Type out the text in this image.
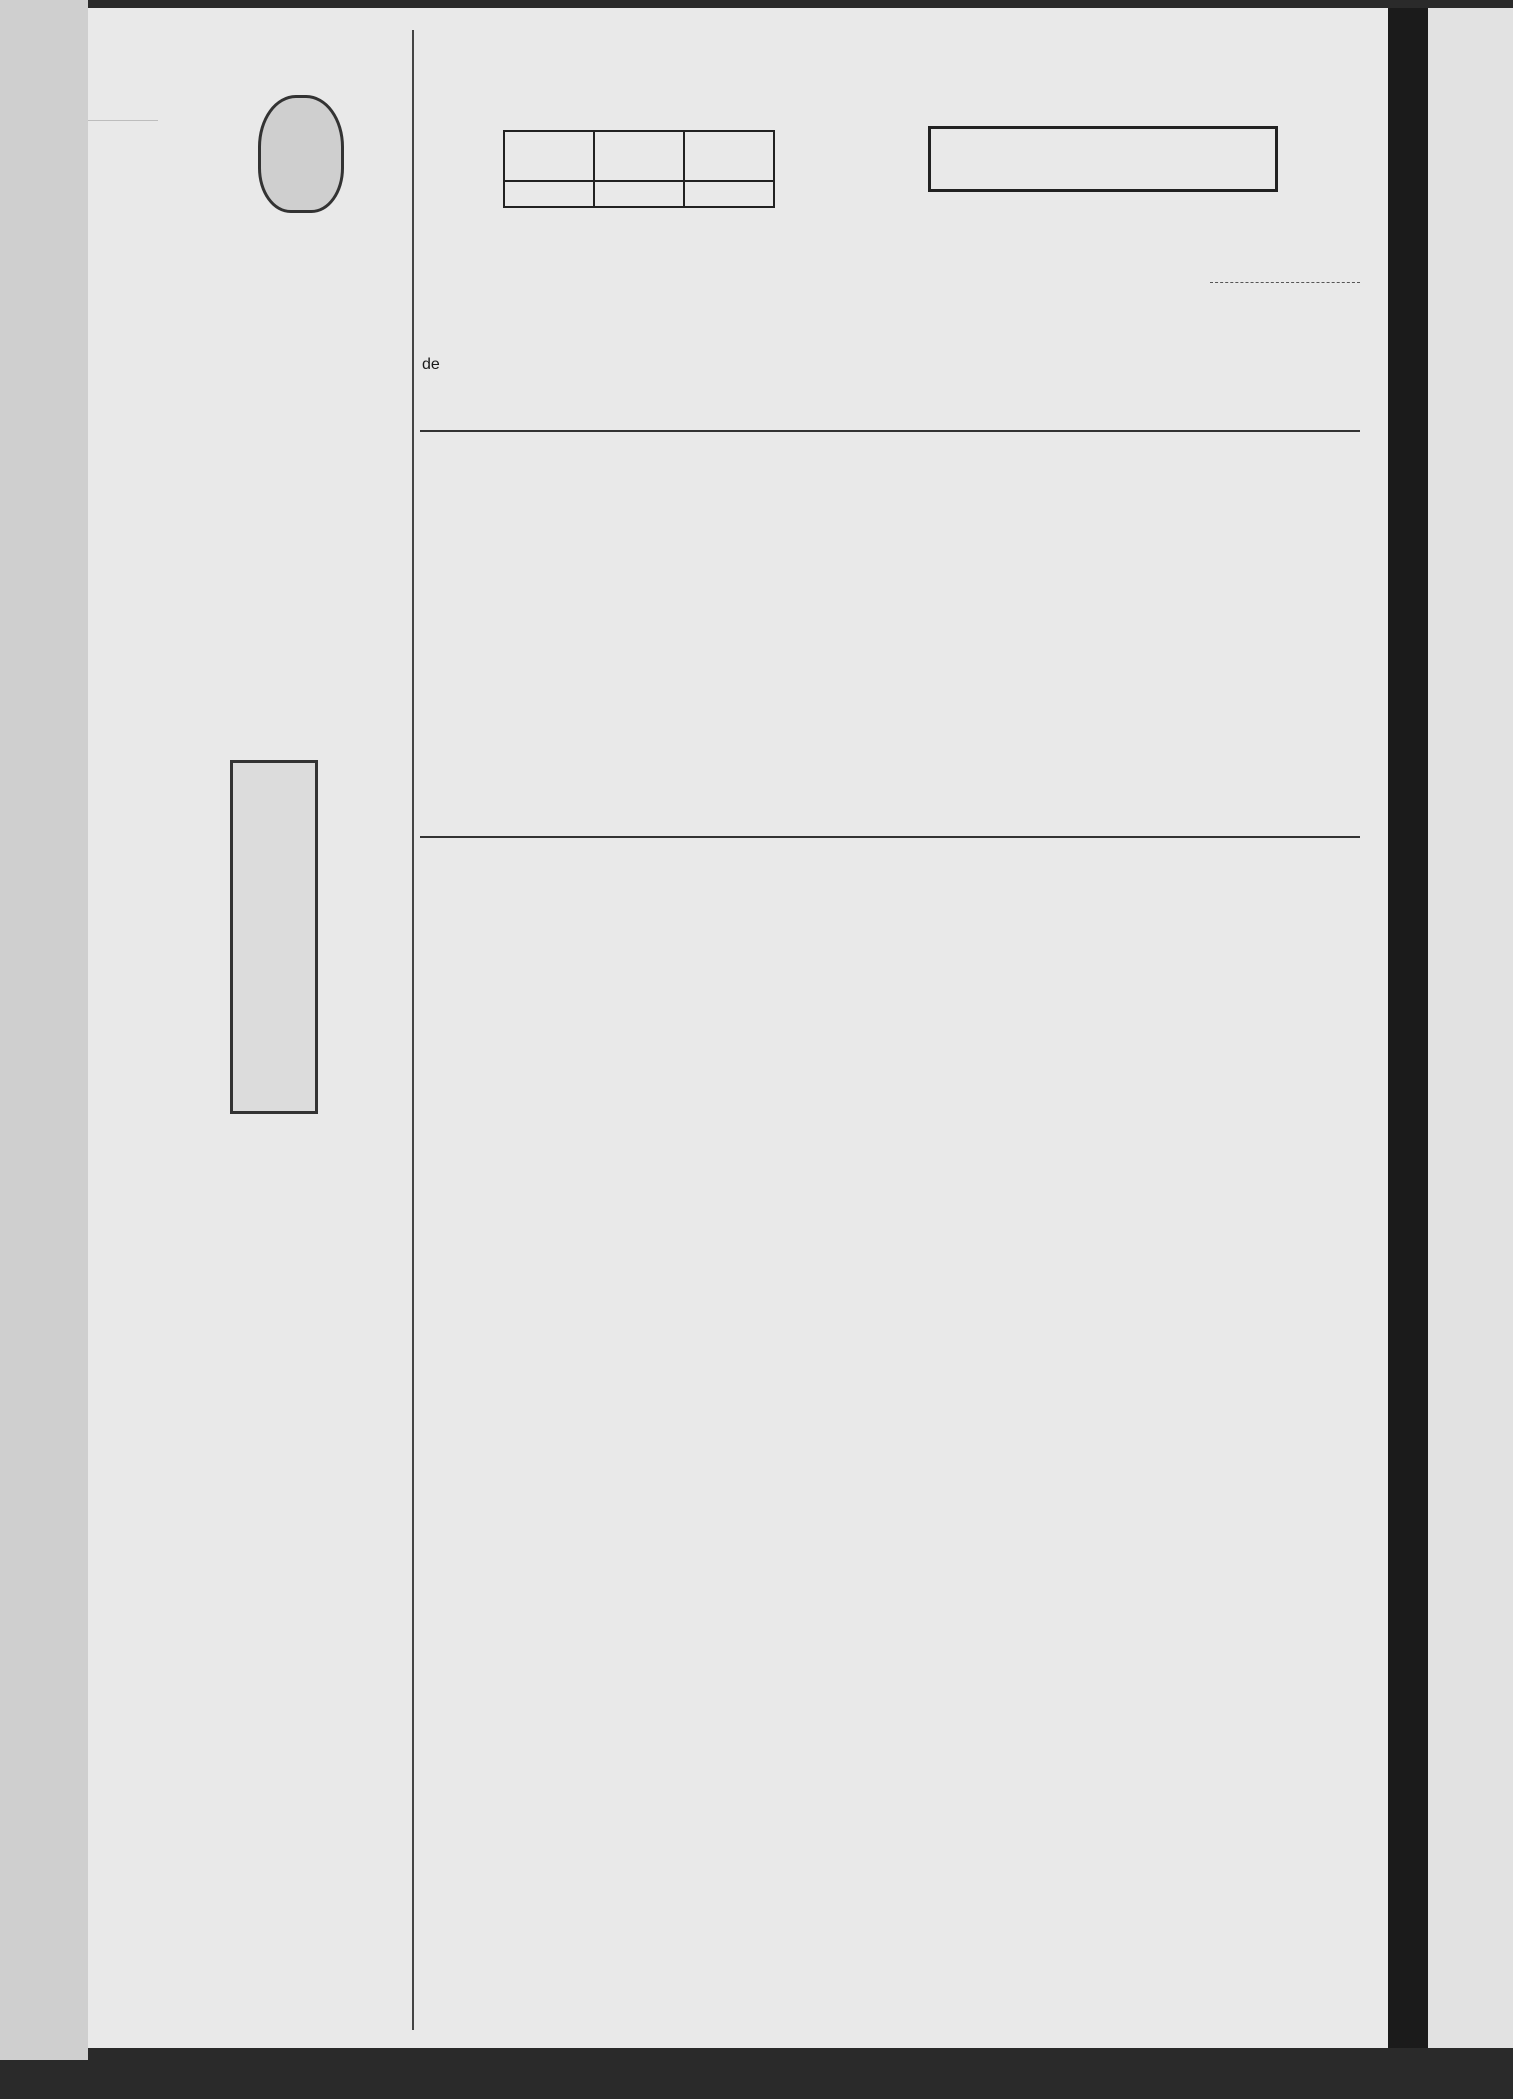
de
